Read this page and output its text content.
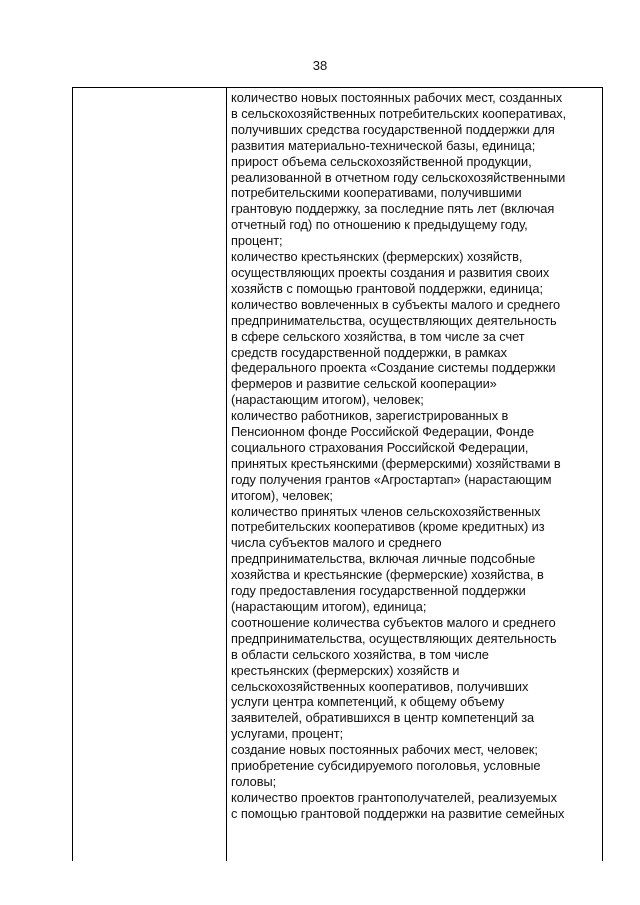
38
количество новых постоянных рабочих мест, созданных
в сельскохозяйственных потребительских кооперативах,
получивших средства государственной поддержки для
развития материально-технической базы, единица;
прирост объема сельскохозяйственной продукции,
реализованной в отчетном году сельскохозяйственными
потребительскими кооперативами, получившими
грантовую поддержку, за последние пять лет (включая
отчетный год) по отношению к предыдущему году,
процент;
количество крестьянских (фермерских) хозяйств,
осуществляющих проекты создания и развития своих
хозяйств с помощью грантовой поддержки, единица;
количество вовлеченных в субъекты малого и среднего
предпринимательства, осуществляющих деятельность
в сфере сельского хозяйства, в том числе за счет
средств государственной поддержки, в рамках
федерального проекта «Создание системы поддержки
фермеров и развитие сельской кооперации»
(нарастающим итогом), человек;
количество работников, зарегистрированных в
Пенсионном фонде Российской Федерации, Фонде
социального страхования Российской Федерации,
принятых крестьянскими (фермерскими) хозяйствами в
году получения грантов «Агростартап» (нарастающим
итогом), человек;
количество принятых членов сельскохозяйственных
потребительских кооперативов (кроме кредитных) из
числа субъектов малого и среднего
предпринимательства, включая личные подсобные
хозяйства и крестьянские (фермерские) хозяйства, в
году предоставления государственной поддержки
(нарастающим итогом), единица;
соотношение количества субъектов малого и среднего
предпринимательства, осуществляющих деятельность
в области сельского хозяйства, в том числе
крестьянских (фермерских) хозяйств и
сельскохозяйственных кооперативов, получивших
услуги центра компетенций, к общему объему
заявителей, обратившихся в центр компетенций за
услугами, процент;
создание новых постоянных рабочих мест, человек;
приобретение субсидируемого поголовья, условные
головы;
количество проектов грантополучателей, реализуемых
с помощью грантовой поддержки на развитие семейных
